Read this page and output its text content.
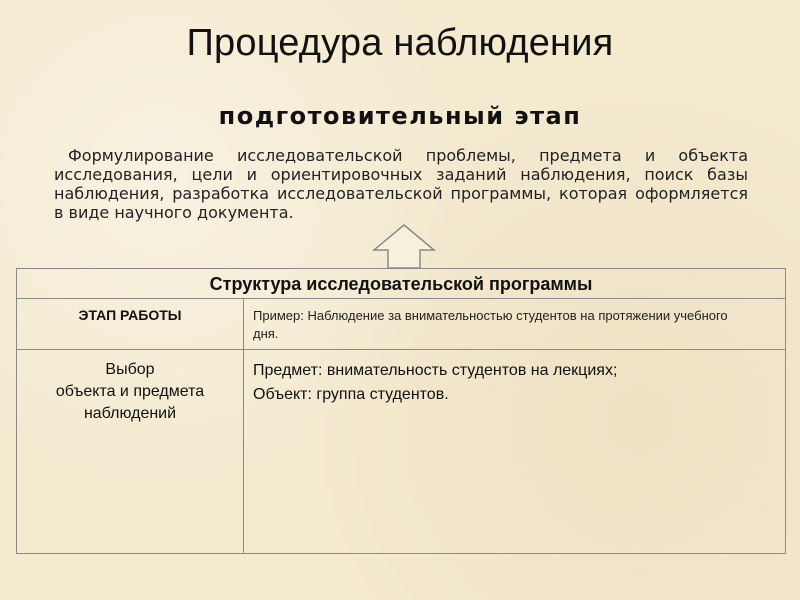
Процедура наблюдения
подготовительный этап
Формулирование исследовательской проблемы, предмета и объекта исследования, цели и ориентировочных заданий наблюдения, поиск базы наблюдения, разработка исследовательской программы, которая оформляется в виде научного документа.
Структура исследовательской программы
ЭТАП РАБОТЫ	Пример: Наблюдение за внимательностью студентов на протяжении учебного дня.
Выбор
объекта и предмета
наблюдений
Предмет: внимательность студентов на лекциях;
Объект: группа студентов.
